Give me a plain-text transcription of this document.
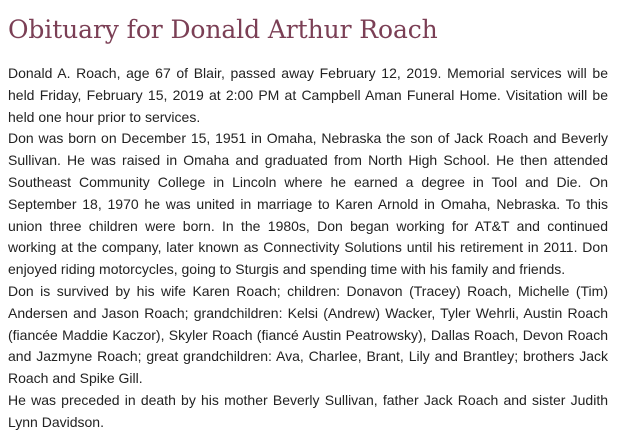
Obituary for Donald Arthur Roach

Donald A. Roach, age 67 of Blair, passed away February 12, 2019. Memorial services will be held Friday, February 15, 2019 at 2:00 PM at Campbell Aman Funeral Home. Visitation will be held one hour prior to services.

Don was born on December 15, 1951 in Omaha, Nebraska the son of Jack Roach and Beverly Sullivan. He was raised in Omaha and graduated from North High School. He then attended Southeast Community College in Lincoln where he earned a degree in Tool and Die. On September 18, 1970 he was united in marriage to Karen Arnold in Omaha, Nebraska. To this union three children were born. In the 1980s, Don began working for AT&T and continued working at the company, later known as Connectivity Solutions until his retirement in 2011. Don enjoyed riding motorcycles, going to Sturgis and spending time with his family and friends.

Don is survived by his wife Karen Roach; children: Donavon (Tracey) Roach, Michelle (Tim) Andersen and Jason Roach; grandchildren: Kelsi (Andrew) Wacker, Tyler Wehrli, Austin Roach (fiancée Maddie Kaczor), Skyler Roach (fiancé Austin Peatrowsky), Dallas Roach, Devon Roach and Jazmyne Roach; great grandchildren: Ava, Charlee, Brant, Lily and Brantley; brothers Jack Roach and Spike Gill.

He was preceded in death by his mother Beverly Sullivan, father Jack Roach and sister Judith Lynn Davidson.
